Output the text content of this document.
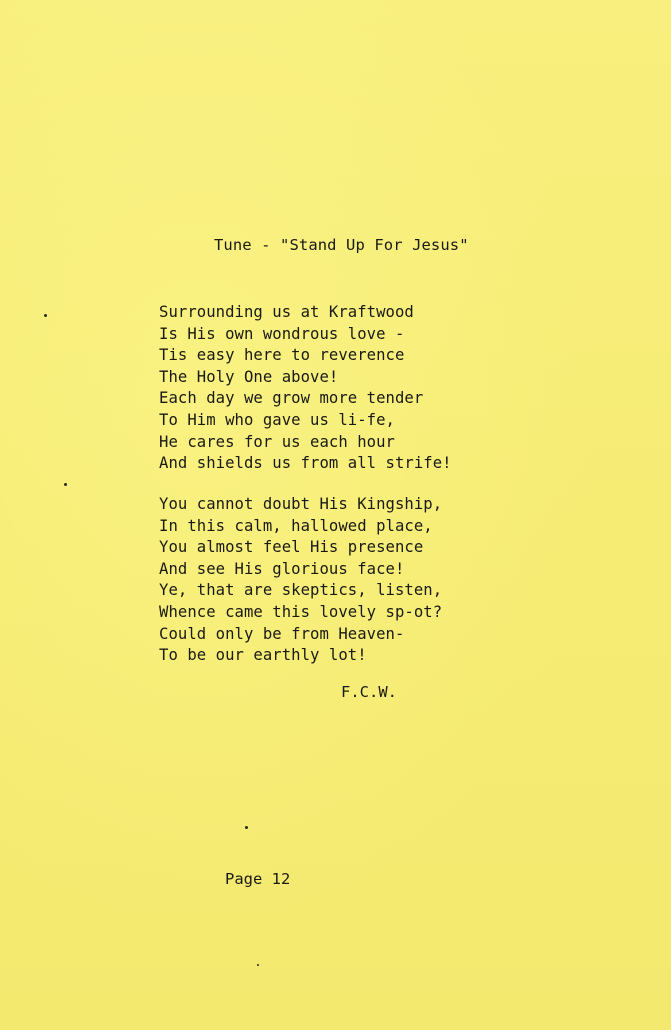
Tune - "Stand Up For Jesus"
Surrounding us at Kraftwood
Is His own wondrous love -
Tis easy here to reverence
The Holy One above!
Each day we grow more tender
To Him who gave us li-fe,
He cares for us each hour
And shields us from all strife!
You cannot doubt His Kingship,
In this calm, hallowed place,
You almost feel His presence
And see His glorious face!
Ye, that are skeptics, listen,
Whence came this lovely sp-ot?
Could only be from Heaven-
To be our earthly lot!
F.C.W.
Page 12
